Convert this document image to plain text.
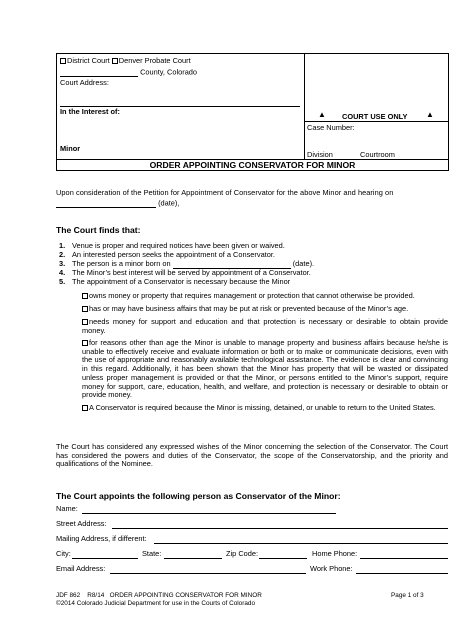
District Court Denver Probate Court
County, Colorado
Court Address:
In the Interest of:
Minor
▲ COURT USE ONLY ▲
Case Number:
Division	Courtroom
ORDER APPOINTING CONSERVATOR FOR MINOR
Upon consideration of the Petition for Appointment of Conservator for the above Minor and hearing on
(date),
The Court finds that:
1. Venue is proper and required notices have been given or waived.
2. An interested person seeks the appointment of a Conservator.
3. The person is a minor born on	(date).
4. The Minor’s best interest will be served by appointment of a Conservator.
5. The appointment of a Conservator is necessary because the Minor
owns money or property that requires management or protection that cannot otherwise be provided.
has or may have business affairs that may be put at risk or prevented because of the Minor’s age.
needs money for support and education and that protection is necessary or desirable to obtain provide money.
for reasons other than age the Minor is unable to manage property and business affairs because he/she is unable to effectively receive and evaluate information or both or to make or communicate decisions, even with the use of appropriate and reasonably available technological assistance. The evidence is clear and convincing in this regard. Additionally, it has been shown that the Minor has property that will be wasted or dissipated unless proper management is provided or that the Minor, or persons entitled to the Minor’s support, require money for support, care, education, health, and welfare, and protection is necessary or desirable to obtain or provide money.
A Conservator is required because the Minor is missing, detained, or unable to return to the United States.
The Court has considered any expressed wishes of the Minor concerning the selection of the Conservator. The Court has considered the powers and duties of the Conservator, the scope of the Conservatorship, and the priority and qualifications of the Nominee.
The Court appoints the following person as Conservator of the Minor:
Name:
Street Address:
Mailing Address, if different:
City:	State:	Zip Code:	Home Phone:
Email Address:	Work Phone:
JDF 862    R8/14   ORDER APPOINTING CONSERVATOR FOR MINOR
©2014 Colorado Judicial Department for use in the Courts of Colorado
Page 1 of 3
